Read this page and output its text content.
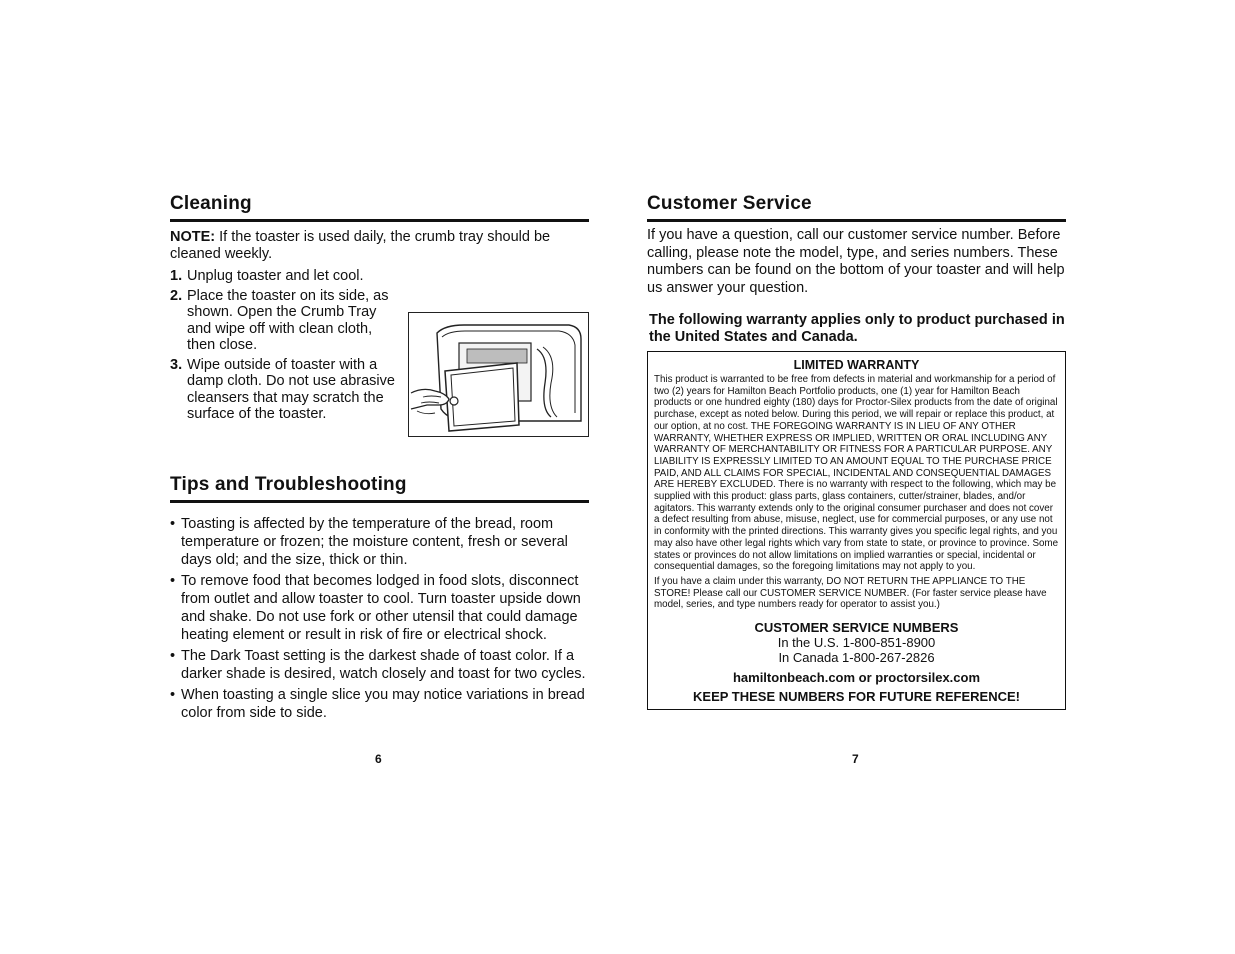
Cleaning

NOTE: If the toaster is used daily, the crumb tray should be cleaned weekly.

1. Unplug toaster and let cool.
2. Place the toaster on its side, as shown. Open the Crumb Tray and wipe off with clean cloth, then close.
3. Wipe outside of toaster with a damp cloth. Do not use abrasive cleansers that may scratch the surface of the toaster.
Tips and Troubleshooting
• Toasting is affected by the temperature of the bread, room temperature or frozen; the moisture content, fresh or several days old; and the size, thick or thin.
• To remove food that becomes lodged in food slots, disconnect from outlet and allow toaster to cool. Turn toaster upside down and shake. Do not use fork or other utensil that could damage heating element or result in risk of fire or electrical shock.
• The Dark Toast setting is the darkest shade of toast color. If a darker shade is desired, watch closely and toast for two cycles.
• When toasting a single slice you may notice variations in bread color from side to side.
6
Customer Service

If you have a question, call our customer service number. Before calling, please note the model, type, and series numbers. These numbers can be found on the bottom of your toaster and will help us answer your question.

The following warranty applies only to product purchased in the United States and Canada.

LIMITED WARRANTY

This product is warranted to be free from defects in material and workmanship for a period of two (2) years for Hamilton Beach Portfolio products, one (1) year for Hamilton Beach products or one hundred eighty (180) days for Proctor-Silex products from the date of original purchase, except as noted below. During this period, we will repair or replace this product, at our option, at no cost. THE FOREGOING WARRANTY IS IN LIEU OF ANY OTHER WARRANTY, WHETHER EXPRESS OR IMPLIED, WRITTEN OR ORAL INCLUDING ANY WARRANTY OF MERCHANTABILITY OR FITNESS FOR A PARTICULAR PURPOSE. ANY LIABILITY IS EXPRESSLY LIMITED TO AN AMOUNT EQUAL TO THE PURCHASE PRICE PAID, AND ALL CLAIMS FOR SPECIAL, INCIDENTAL AND CONSEQUENTIAL DAMAGES ARE HEREBY EXCLUDED. There is no warranty with respect to the following, which may be supplied with this product: glass parts, glass containers, cutter/strainer, blades, and/or agitators. This warranty extends only to the original consumer purchaser and does not cover a defect resulting from abuse, misuse, neglect, use for commercial purposes, or any use not in conformity with the printed directions. This warranty gives you specific legal rights, and you may also have other legal rights which vary from state to state, or province to province. Some states or provinces do not allow limitations on implied warranties or special, incidental or consequential damages, so the foregoing limitations may not apply to you.

If you have a claim under this warranty, DO NOT RETURN THE APPLIANCE TO THE STORE! Please call our CUSTOMER SERVICE NUMBER. (For faster service please have model, series, and type numbers ready for operator to assist you.)

CUSTOMER SERVICE NUMBERS

In the U.S. 1-800-851-8900

In Canada 1-800-267-2826

hamiltonbeach.com or proctorsilex.com

KEEP THESE NUMBERS FOR FUTURE REFERENCE!

7
